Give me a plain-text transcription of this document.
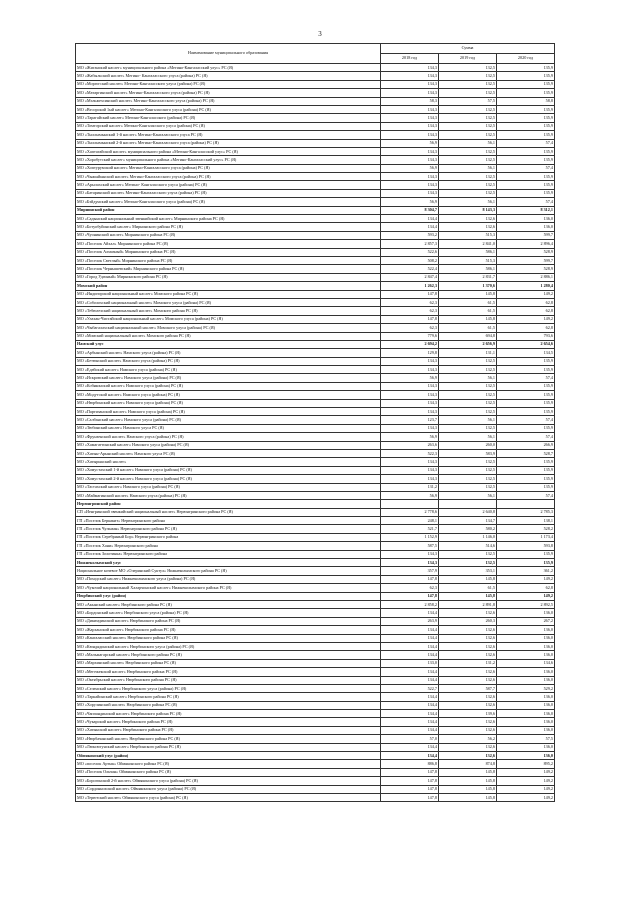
3
Наименование муниципального образования	Сумма		
	2018 год	2019 год	2020 год
МО «Жиганский наслег» муниципального района «Мегино-Кангаласский улус» РС (Я)	134,3	132,5	135,9
МО «Жабыльский наслег» Мегино- Кангаласского улуса (района) РС (Я)	134,3	132,5	135,9
МО «Моргогский наслег» Мегино-Кангаласского улуса (района) РС (Я)	134,3	132,5	135,9
МО «Матаргинский наслег» Мегино-Кангаласского улуса (района) РС (Я)	134,3	132,5	135,9
МО «Мэльжехсинский наслег» Мегино-Кангаласского улуса (района) РС (Я)	58,3	57,5	58,8
МО «Втсорский 1ый наслег» Мегино-Кангаласского улуса (района) РС (Я)	134,3	132,5	135,9
МО «Тарагайский наслег» Мегино-Кангаласского (района) РС (Я)	134,3	132,5	135,9
МО «Томторский наслег» Мегино-Кангаласского улуса (района) РС (Я)	134,3	132,5	135,9
МО «Тыллымынский 1-й наслег» Мегино-Кангаласского улуса РС (Я)	134,3	132,5	135,9
МО «Тыллымынский 2-й наслег» Мегино-Кангаласского улуса (района) РС (Я)	56,9	56,1	57,4
МО «Хаптагайский наслег» муниципального района «Мегино-Кангаласский улус» РС (Я)	134,3	132,5	135,9
МО «Хоробутский наслег» муниципального района «Мегино-Кангаласский улус» РС (Я)	134,3	132,5	135,9
МО «Хоптурумский наслег» Мегино-Кангаласского улуса (района) РС (Я)	56,9	56,1	57,4
МО «Чыжыйынский наслег» Мегино-Кангаласского улуса (района) РС (Я)	134,3	132,5	135,9
МО «Арылахский наслег» Мегино- Кангаласского улуса (района) РС (Я)	134,3	132,5	135,9
МО «Батаринский наслег» Мегино-Кангаласского улуса (района) РС (Я)	134,3	132,5	135,9
МО «Бэйдунский наслег» Мегино-Кангаласского улуса (района) РС (Я)	56,9	56,1	57,4
Мирнинский район	8 304,7	8 143,3	8 312,1
МО «Садынский национальный эвенкийский наслег» Мирнинского района РС (Я)	134,4	132,6	136,0
МО «Ботуобуйинский наслег» Мирнинского района РС (Я)	134,4	132,6	136,0
МО «Чуонинский наслег» Мирнинского района РС (Я)	593,2	515,3	599,7
МО «Поселок Айхал» Мирнинского района РС (Я)	2 857,3	2 841,0	2 896,4
МО «Поселок Алмазный» Мирнинского района РС (Я)	522,6	586,1	528,9
МО «Поселок Светлый» Мирнинского района РС (Я)	508,2	515,3	599,7
МО «Поселок Чернышевский» Мирнинского района РС (Я)	522,4	586,1	528,9
МО «Город Удачный» Мирнинского района РС (Я)	2 847,4	2 831,7	2 886,1
Момский район	1 262,3	1 370,6	1 280,4
МО «Индигирский национальный наслег» Момского района РС (Я)	147,8	145,8	149,2
МО «Соболохский национальный наслег» Момского улуса (района) РС (Я)	62,3	61,5	62,8
МО «Тебюлехский национальный наслег» Момского района РС (Я)	62,3	61,5	62,8
МО «Улахан-Чистайский национальный наслег» Момского улуса (района) РС (Я)	147,8	145,8	149,2
МО «Чыбагалахский национальный наслег» Момского улуса (района) РС (Я)	62,3	61,5	62,8
МО «Момский национальный наслег» Момского района РС (Я)	779,6	694,8	793,6
Намский улус	2 694,2	2 656,9	2 654,6
МО «Арбынский наслег» Намского улуса (района) РС (Я)	129,8	131,1	134,5
МО «Бетюнский наслег» Намского улуса (района) РС (Я)	134,3	132,5	135,9
МО «Едейский наслег» Намского улуса (района) РС (Я)	134,3	132,5	135,9
МО «Искровский наслег» Намского улуса (района) РС (Я)	56,9	56,1	57,4
МО «Кобяконский наслег» Намского улуса (района) РС (Я)	134,3	132,5	135,9
МО «Модутский наслег» Намского улуса (района) РС (Я)	134,3	132,5	135,9
МО «Нюрбинский наслег» Намского улуса (района) РС (Я)	134,3	132,5	135,9
МО «Партизанский наслег» Намского улуса (района) РС (Я)	134,3	132,5	135,9
МО «Салбанский наслег» Намского улуса (района) РС (Я)	123,7	56,1	57,4
МО «Тюбинский наслег» Намского улуса РС (Я)	134,3	132,5	135,9
МО «Фрунзенский наслег» Намского улуса (района) РС (Я)	56,9	56,1	57,4
МО «Хамагаттинский наслег» Намского улуса (района) РС (Я)	263,6	260,0	266,9
МО «Хатын-Арынский наслег» Намского улуса РС (Я)	522,3	583,9	528,7
МО «Хатырыкский наслег»	134,3	132,5	135,9
МО «Хомустахский 1-й наслег» Намского улуса (района) РС (Я)	134,3	132,5	135,9
МО «Хомустахский 2-й наслег» Намского улуса (района) РС (Я)	134,3	132,5	135,9
МО «Тастахский наслег» Намского улуса (района) РС (Я)	131,2	132,5	135,9
МО «Маймагинский наслег» Намского улуса (района) РС (Я)	56,9	56,1	57,4
Нерюнгринский район			
СП «Иенгринский эвенкийский национальный наслег» Нерюнгринского района РС (Я)	2 778,6	2 640,8	2 785,3
ГП «Поселок Беркакит» Нерюнгринского района	248,1	134,7	138,1
ГП «Поселок Чульман» Нерюнгринского района РС (Я)	521,7	580,2	528,2
ГП «Поселок Серебряный Бор» Нерюнгринского района	1 152,9	1 146,0	1 173,4
ГП «Поселок Хани» Нерюнгринского района	587,5	514,6	593,8
ГП «Поселок Золотинка» Нерюнгринского района	134,3	132,5	135,9
Нижнеколымский улус	134,3	132,5	135,9
Национальное кочевое МО «Олеринский Суктул» Нижнеколымского района РС (Я)	357,9	353,1	361,2
МО «Походский наслег» Нижнеколымского улуса (района) РС (Я)	147,8	145,8	149,2
МО «Чукочий национальный Халарчинский наслег» Нижнеколымского района РС (Я)	62,3	61,5	62,8
Нюрбинский улус (район)	147,8	145,8	149,2
МО «Акынский наслег» Нюрбинского района РС (Я)	2 858,2	2 891,8	2 892,5
МО «Бордонский наслег» Нюрбинского улуса (района) РС (Я)	134,4	132,6	136,0
МО «Дикимдинский наслег» Нюрбинского района РС (Я)	263,9	260,3	267,2
МО «Жарханский наслег» Нюрбинского района РС (Я)	134,4	132,6	136,0
МО «Кангаласский наслег» Нюрбинского района РС (Я)	134,4	132,6	136,0
МО «Кюндядинский наслег» Нюрбинского улуса (района) РС (Я)	134,4	132,6	136,0
МО «Мальжагарский наслег» Нюрбинского района РС (Я)	134,4	132,6	136,0
МО «Мархинский наслег» Нюрбинского района РС (Я)	133,0	131,2	134,6
МО «Мегежекский наслег» Нюрбинского района РС (Я)	134,4	132,6	136,0
МО «Октябрьский наслег» Нюрбинского района РС (Я)	134,4	132,6	136,0
МО «Селенский наслег» Нюрбинского улуса (района) РС (Я)	522,7	587,7	529,2
МО «Таркайинский наслег» Нюрбинского района РС (Я)	134,4	132,6	136,0
МО «Хорулинский наслег» Нюрбинского района РС (Я)	134,4	132,6	136,0
МО «Чаппандинский наслег» Нюрбинского района РС (Я)	134,4	139,6	136,0
МО «Чукарский наслег» Нюрбинского района РС (Я)	134,4	132,6	136,0
МО «Хатынский наслег» Нюрбинского района РС (Я)	134,4	132,6	136,0
МО «Нюрбачанский наслег» Нюрбинского района РС (Я)	57,0	56,2	57,5
МО «Люксюгунский наслег» Нюрбинского района РС (Я)	134,4	132,6	136,0
Оймяконский улус (район)	134,4	132,6	136,0
МО «поселок Артык» Оймяконского района РС (Я)	886,8	874,8	895,2
МО «Поселок Ольчан» Оймяконского района РС (Я)	147,8	145,8	149,2
МО «Борогонский 2-й наслег» Оймяконского улуса (района) РС (Я)	147,8	145,8	149,2
МО «Сордоннохский наслег» Оймяконского улуса (района) РС (Я)	147,8	145,8	149,2
МО «Терютский наслег» Оймяконского улуса (района) РС (Я)	147,8	145,8	149,2
